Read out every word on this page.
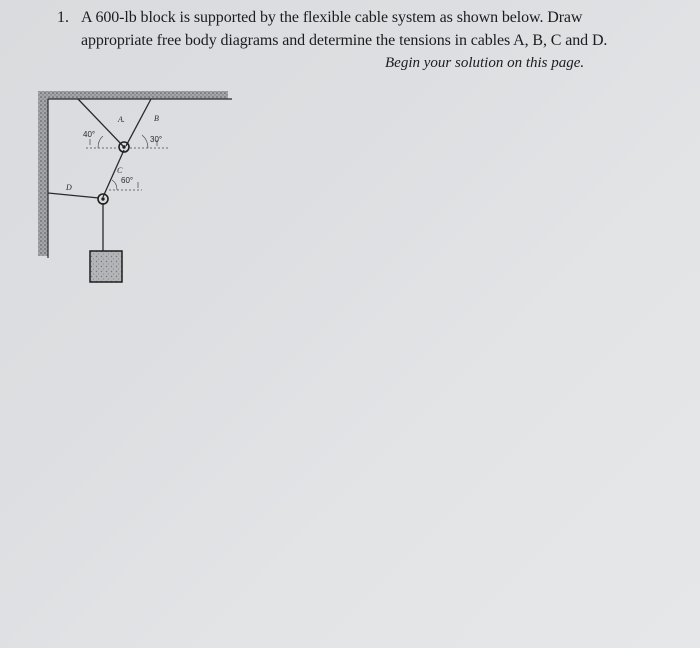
1. A 600-lb block is supported by the flexible cable system as shown below. Draw
appropriate free body diagrams and determine the tensions in cables A, B, C and D.
Begin your solution on this page.
A.	B
C
D
40°
30°
60°
